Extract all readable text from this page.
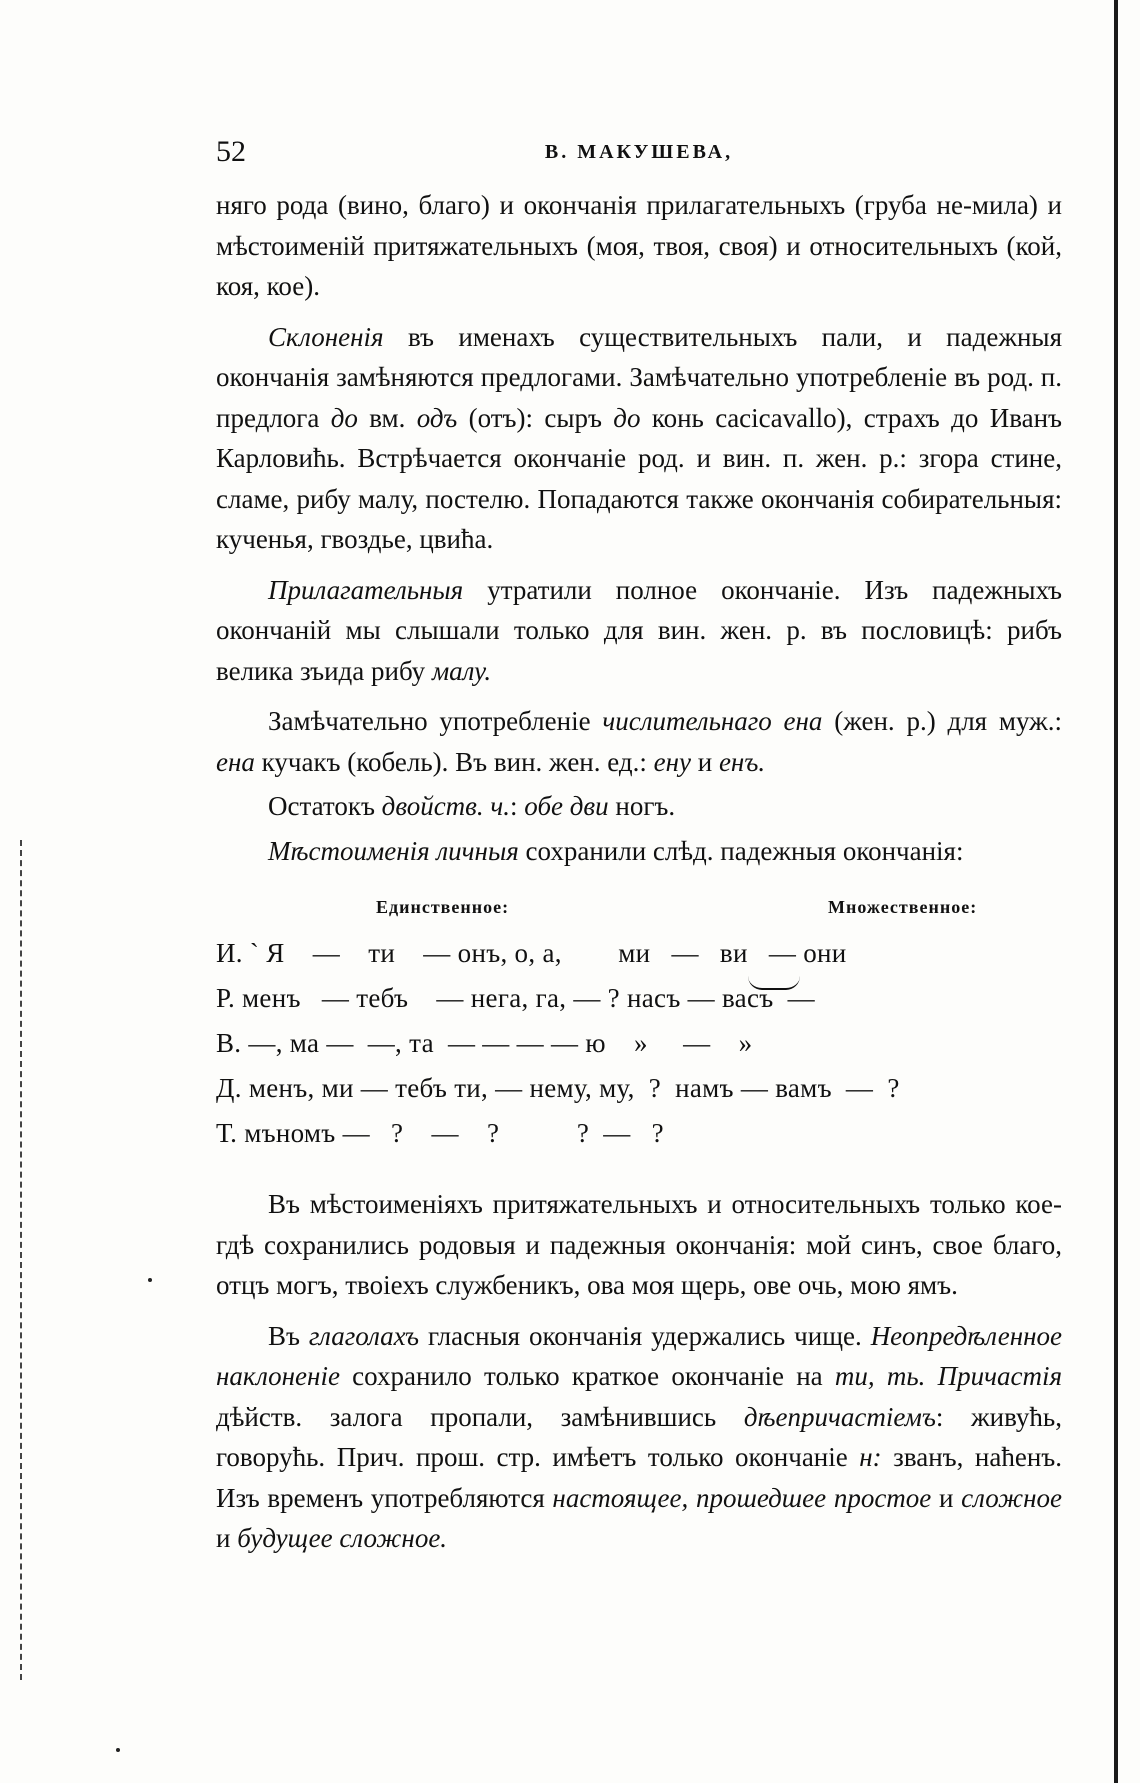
52	В. МАКУШЕВА,

няго рода (вино, благо) и окончанія прилагательныхъ (груба не-мила) и мѣстоименій притяжательныхъ (моя, твоя, своя) и относительныхъ (кой, коя, кое).

Склоненія въ именахъ существительныхъ пали, и падежныя окончанія замѣняются предлогами. Замѣчательно употребленіе въ род. п. предлога до вм. одъ (отъ): сыръ до конь cacicavallo), страхъ до Иванъ Карловићь. Встрѣчается окончаніе род. и вин. п. жен. р.: згора стине, сламе, рибу малу, постелю. Попадаются также окончанія собирательныя: кученья, гвоздье, цвиħа.

Прилагательныя утратили полное окончаніе. Изъ падежныхъ окончаній мы слышали только для вин. жен. р. въ пословицѣ: рибъ велика зъида рибу малу.

Замѣчательно употребленіе числительнаго ена (жен. р.) для муж.: ена кучакъ (кобель). Въ вин. жен. ед.: ену и енъ.

Остатокъ двойств. ч.: обе дви ногъ.

Мѣстоименія личныя сохранили слѣд. падежныя окончанія:

Единственное:	Множественное:
И. ` Я    —    ти    — онъ, о, а,        ми   —   ви   — они
Р. менъ   — тебъ    — нега, га, — ? насъ — васъ  —
В. —, ма —  —, та  — — — — ю    »     —    »
Д. менъ, ми — тебъ ти, — нему, му,  ?  намъ — вамъ  —  ?
Т. мъномъ —   ?    —    ?           ?  —   ?

Въ мѣстоименіяхъ притяжательныхъ и относительныхъ только кое-гдѣ сохранились родовыя и падежныя окончанія: мой синъ, свое благо, отцъ могъ, твоіехъ службеникъ, ова моя щерь, ове очь, мою ямъ.

Въ глаголахъ гласныя окончанія удержались чище. Неопредѣленное наклоненіе сохранило только краткое окончаніе на ти, ть. Причастія дѣйств. залога пропали, замѣнившись дѣепричастіемъ: живућь, говорућь. Прич. прош. стр. имѣетъ только окончаніе н: званъ, наħенъ. Изъ временъ употребляются настоящее, прошедшее простое и сложное и будущее сложное.
